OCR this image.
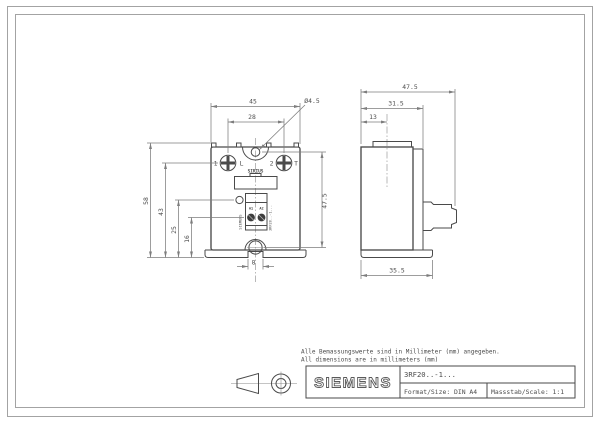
1	L	2	T
SIRIUS
A1 A2
SIEMENS	3RF20..-1...
45
28
Ø4.5
58
43
25
16
47.5
8
47.5
31.5
13
35.5
Alle Bemassungswerte sind in Millimeter (mm) angegeben.
All dimensions are in millimeters (mm)
SIEMENS 3RF20..-1...
Format/Size: DIN A4 Massstab/Scale: 1:1
